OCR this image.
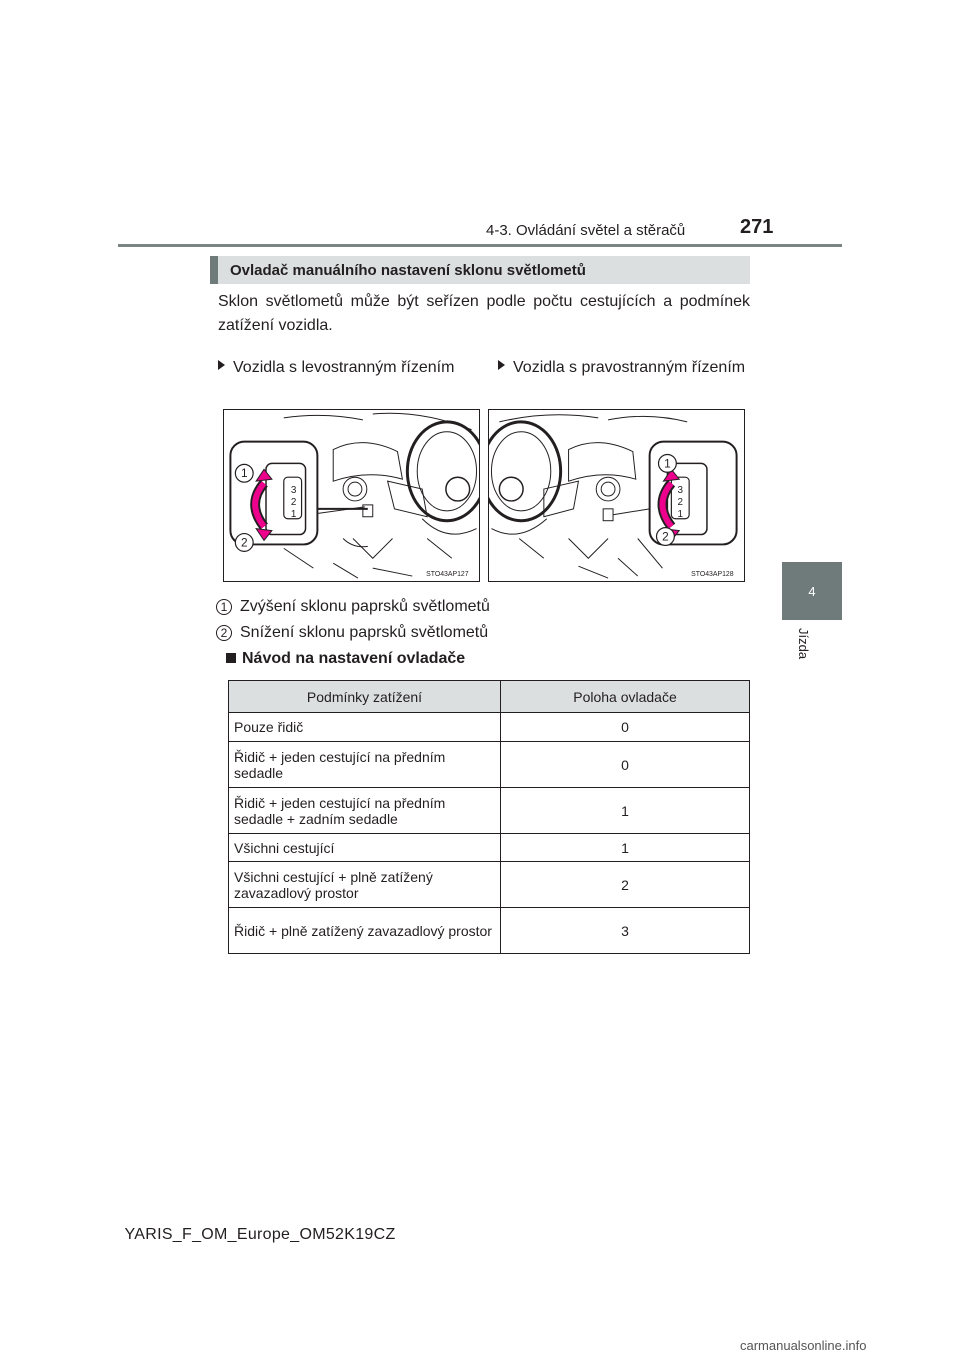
4-3. Ovládání světel a stěračů	271
4
Jízda
Ovladač manuálního nastavení sklonu světlometů
Sklon světlometů může být seřízen podle počtu cestujících a podmínek zatížení vozidla.
Vozidla s levostranným řízením	Vozidla s pravostranným řízením
3
2
1
1
2
STO43AP127
3
2
1
1
2
STO43AP128
1 Zvýšení sklonu paprsků světlometů
2 Snížení sklonu paprsků světlometů
Návod na nastavení ovladače
Podmínky zatížení	Poloha ovladače
Pouze řidič	0
Řidič + jeden cestující na předním sedadle	0
Řidič + jeden cestující na předním sedadle + zadním sedadle	1
Všichni cestující	1
Všichni cestující + plně zatížený zavazadlový prostor	2
Řidič + plně zatížený zavazadlový prostor	3
YARIS_F_OM_Europe_OM52K19CZ
carmanualsonline.info
